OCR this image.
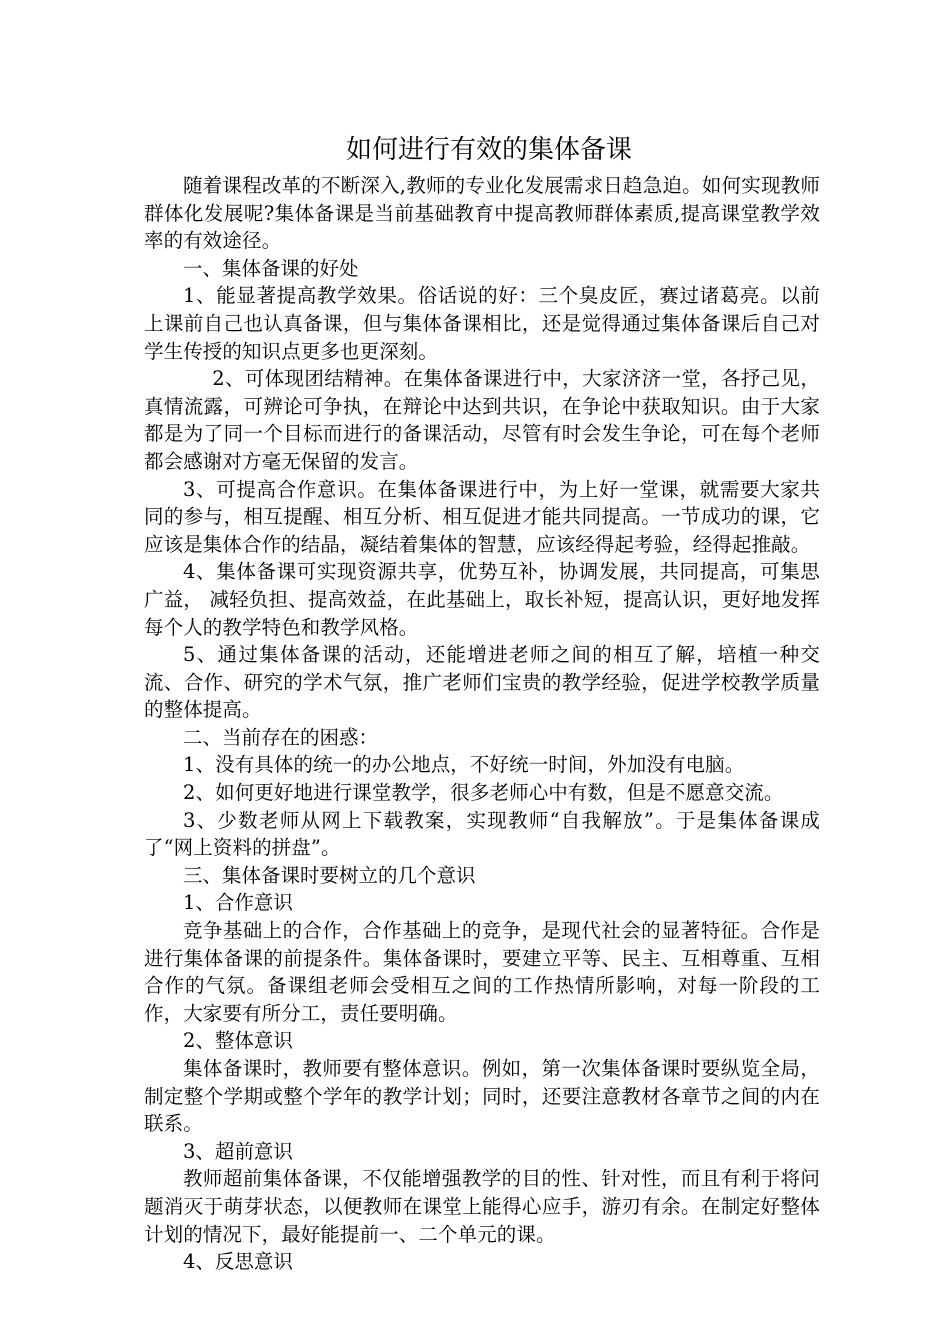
如何进行有效的集体备课

随着课程改革的不断深入,教师的专业化发展需求日趋急迫。如何实现教师群体化发展呢?集体备课是当前基础教育中提高教师群体素质,提高课堂教学效率的有效途径。

一、集体备课的好处

1、能显著提高教学效果。俗话说的好：三个臭皮匠，赛过诸葛亮。以前上课前自己也认真备课，但与集体备课相比，还是觉得通过集体备课后自己对学生传授的知识点更多也更深刻。

2、可体现团结精神。在集体备课进行中，大家济济一堂，各抒己见，真情流露，可辨论可争执，在辩论中达到共识，在争论中获取知识。由于大家都是为了同一个目标而进行的备课活动，尽管有时会发生争论，可在每个老师都会感谢对方毫无保留的发言。

3、可提高合作意识。在集体备课进行中，为上好一堂课，就需要大家共同的参与，相互提醒、相互分析、相互促进才能共同提高。一节成功的课，它应该是集体合作的结晶，凝结着集体的智慧，应该经得起考验，经得起推敲。

4、集体备课可实现资源共享，优势互补，协调发展，共同提高，可集思广益， 减轻负担、提高效益，在此基础上，取长补短，提高认识，更好地发挥每个人的教学特色和教学风格。

5、通过集体备课的活动，还能增进老师之间的相互了解，培植一种交流、合作、研究的学术气氛，推广老师们宝贵的教学经验，促进学校教学质量的整体提高。

二、当前存在的困惑：

1、没有具体的统一的办公地点，不好统一时间，外加没有电脑。

2、如何更好地进行课堂教学，很多老师心中有数，但是不愿意交流。

3、少数老师从网上下载教案，实现教师“自我解放”。于是集体备课成了“网上资料的拼盘”。

三、集体备课时要树立的几个意识

1、合作意识

竞争基础上的合作，合作基础上的竞争，是现代社会的显著特征。合作是进行集体备课的前提条件。集体备课时，要建立平等、民主、互相尊重、互相合作的气氛。备课组老师会受相互之间的工作热情所影响，对每一阶段的工作，大家要有所分工，责任要明确。

2、整体意识

集体备课时，教师要有整体意识。例如，第一次集体备课时要纵览全局，制定整个学期或整个学年的教学计划；同时，还要注意教材各章节之间的内在联系。

3、超前意识

教师超前集体备课，不仅能增强教学的目的性、针对性，而且有利于将问题消灭于萌芽状态，以便教师在课堂上能得心应手，游刃有余。在制定好整体计划的情况下，最好能提前一、二个单元的课。

4、反思意识
